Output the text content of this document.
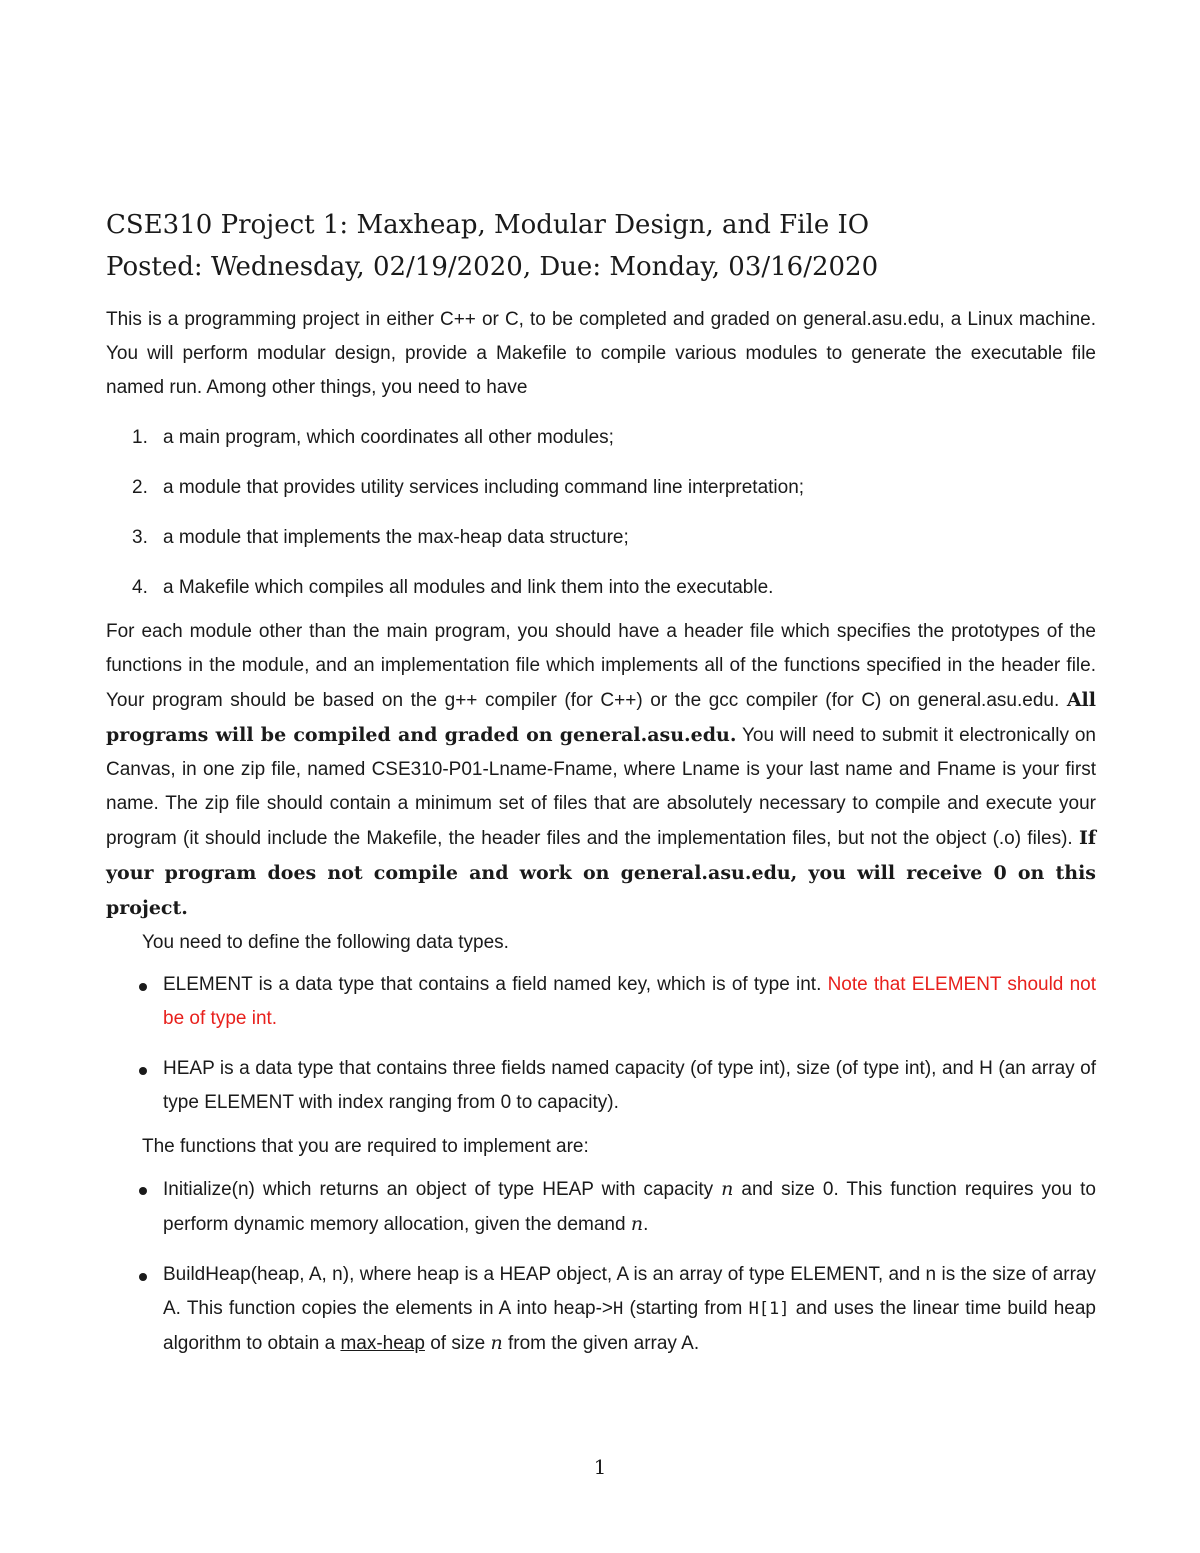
CSE310 Project 1: Maxheap, Modular Design, and File IO
Posted: Wednesday, 02/19/2020, Due: Monday, 03/16/2020

This is a programming project in either C++ or C, to be completed and graded on general.asu.edu, a Linux machine. You will perform modular design, provide a Makefile to compile various modules to generate the executable file named run. Among other things, you need to have

1. a main program, which coordinates all other modules;
2. a module that provides utility services including command line interpretation;
3. a module that implements the max-heap data structure;
4. a Makefile which compiles all modules and link them into the executable.

For each module other than the main program, you should have a header file which specifies the prototypes of the functions in the module, and an implementation file which implements all of the functions specified in the header file. Your program should be based on the g++ compiler (for C++) or the gcc compiler (for C) on general.asu.edu. All programs will be compiled and graded on general.asu.edu. You will need to submit it electronically on Canvas, in one zip file, named CSE310-P01-Lname-Fname, where Lname is your last name and Fname is your first name. The zip file should contain a minimum set of files that are absolutely necessary to compile and execute your program (it should include the Makefile, the header files and the implementation files, but not the object (.o) files). If your program does not compile and work on general.asu.edu, you will receive 0 on this project.

You need to define the following data types.

ELEMENT is a data type that contains a field named key, which is of type int. Note that ELEMENT should not be of type int.
HEAP is a data type that contains three fields named capacity (of type int), size (of type int), and H (an array of type ELEMENT with index ranging from 0 to capacity).

The functions that you are required to implement are:

Initialize(n) which returns an object of type HEAP with capacity n and size 0. This function requires you to perform dynamic memory allocation, given the demand n.
BuildHeap(heap, A, n), where heap is a HEAP object, A is an array of type ELEMENT, and n is the size of array A. This function copies the elements in A into heap->H (starting from H[1] and uses the linear time build heap algorithm to obtain a max-heap of size n from the given array A.
1
